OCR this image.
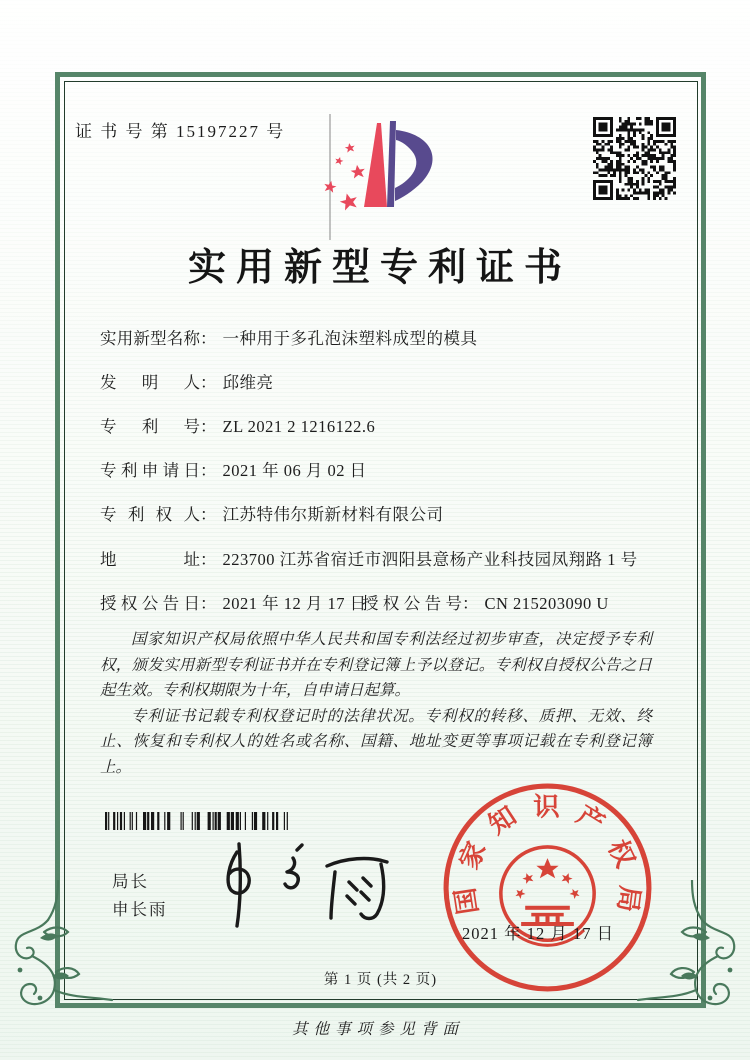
证 书 号 第 15197227 号
实用新型专利证书
实用新型名称： 一种用于多孔泡沫塑料成型的模具
发明人： 邱维亮
专利号： ZL 2021 2 1216122.6
专利申请日： 2021 年 06 月 02 日
专利权人： 江苏特伟尔斯新材料有限公司
地址： 223700 江苏省宿迁市泗阳县意杨产业科技园凤翔路 1 号
授权公告日： 2021 年 12 月 17 日
授权公告号： CN 215203090 U

国家知识产权局依照中华人民共和国专利法经过初步审查，决定授予专利权，颁发实用新型专利证书并在专利登记簿上予以登记。专利权自授权公告之日起生效。专利权期限为十年，自申请日起算。

专利证书记载专利权登记时的法律状况。专利权的转移、质押、无效、终止、恢复和专利权人的姓名或名称、国籍、地址变更等事项记载在专利登记簿上。

局长
申长雨	国家知识产权局
2021 年 12 月 17 日
第 1 页 (共 2 页)
其他事项参见背面
